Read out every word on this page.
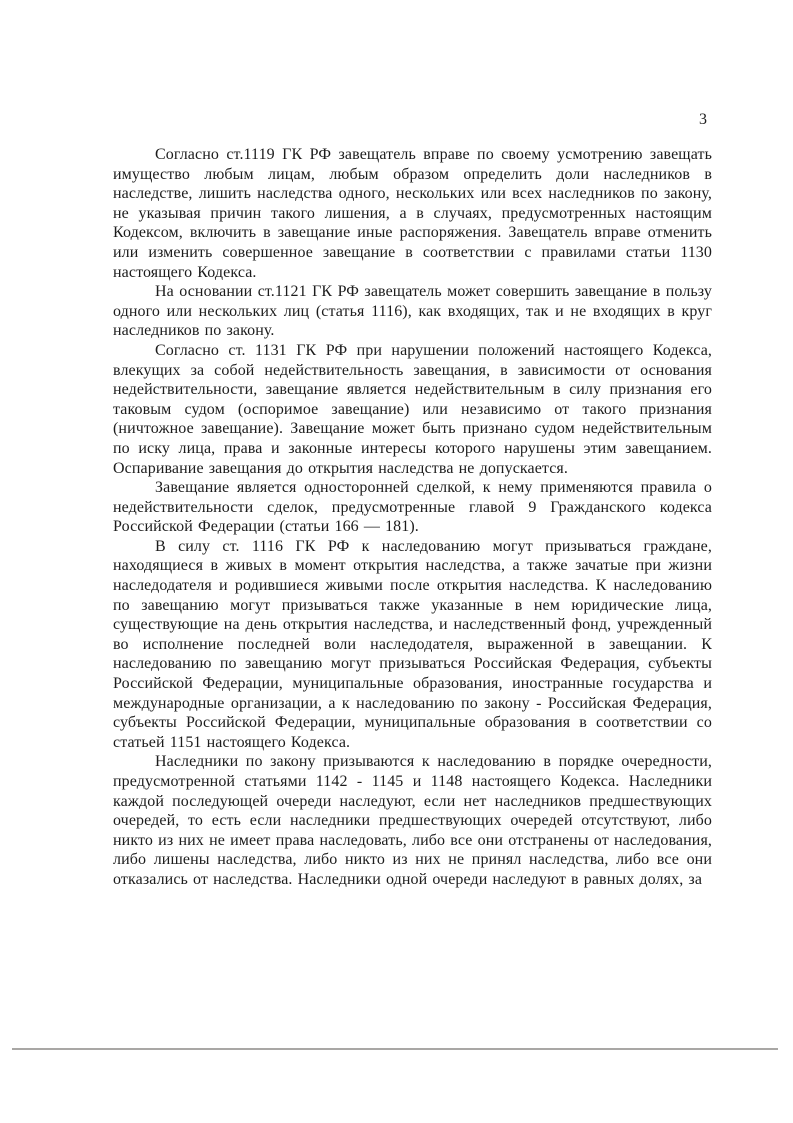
3

Согласно ст.1119 ГК РФ завещатель вправе по своему усмотрению завещать имущество любым лицам, любым образом определить доли наследников в наследстве, лишить наследства одного, нескольких или всех наследников по закону, не указывая причин такого лишения, а в случаях, предусмотренных настоящим Кодексом, включить в завещание иные распоряжения. Завещатель вправе отменить или изменить совершенное завещание в соответствии с правилами статьи 1130 настоящего Кодекса.

На основании ст.1121 ГК РФ завещатель может совершить завещание в пользу одного или нескольких лиц (статья 1116), как входящих, так и не входящих в круг наследников по закону.

Согласно ст. 1131 ГК РФ при нарушении положений настоящего Кодекса, влекущих за собой недействительность завещания, в зависимости от основания недействительности, завещание является недействительным в силу признания его таковым судом (оспоримое завещание) или независимо от такого признания (ничтожное завещание). Завещание может быть признано судом недействительным по иску лица, права и законные интересы которого нарушены этим завещанием. Оспаривание завещания до открытия наследства не допускается.

Завещание является односторонней сделкой, к нему применяются правила о недействительности сделок, предусмотренные главой 9 Гражданского кодекса Российской Федерации (статьи 166 — 181).

В силу ст. 1116 ГК РФ к наследованию могут призываться граждане, находящиеся в живых в момент открытия наследства, а также зачатые при жизни наследодателя и родившиеся живыми после открытия наследства. К наследованию по завещанию могут призываться также указанные в нем юридические лица, существующие на день открытия наследства, и наследственный фонд, учрежденный во исполнение последней воли наследодателя, выраженной в завещании. К наследованию по завещанию могут призываться Российская Федерация, субъекты Российской Федерации, муниципальные образования, иностранные государства и международные организации, а к наследованию по закону - Российская Федерация, субъекты Российской Федерации, муниципальные образования в соответствии со статьей 1151 настоящего Кодекса.

Наследники по закону призываются к наследованию в порядке очередности, предусмотренной статьями 1142 - 1145 и 1148 настоящего Кодекса. Наследники каждой последующей очереди наследуют, если нет наследников предшествующих очередей, то есть если наследники предшествующих очередей отсутствуют, либо никто из них не имеет права наследовать, либо все они отстранены от наследования, либо лишены наследства, либо никто из них не принял наследства, либо все они отказались от наследства. Наследники одной очереди наследуют в равных долях, за
